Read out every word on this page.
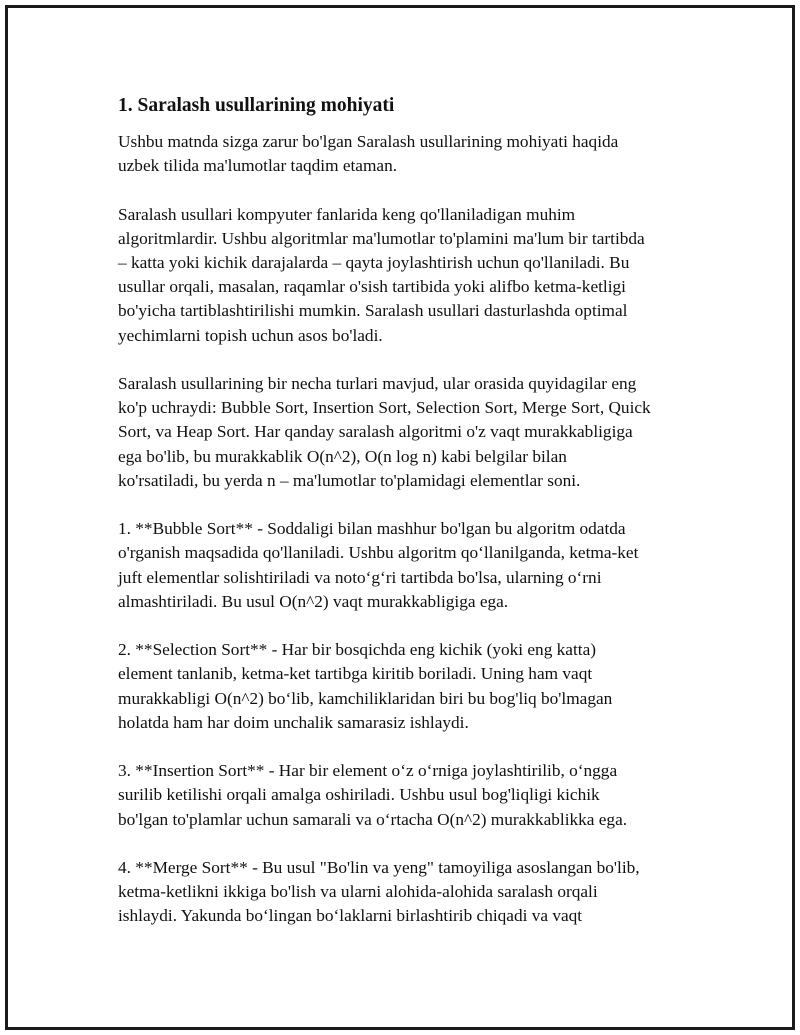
1. Saralash usullarining mohiyati
Ushbu matnda sizga zarur bo'lgan Saralash usullarining mohiyati haqida
uzbek tilida ma'lumotlar taqdim etaman.
Saralash usullari kompyuter fanlarida keng qo'llaniladigan muhim
algoritmlardir. Ushbu algoritmlar ma'lumotlar to'plamini ma'lum bir tartibda
– katta yoki kichik darajalarda – qayta joylashtirish uchun qo'llaniladi. Bu
usullar orqali, masalan, raqamlar o'sish tartibida yoki alifbo ketma-ketligi
bo'yicha tartiblashtirilishi mumkin. Saralash usullari dasturlashda optimal
yechimlarni topish uchun asos bo'ladi.
Saralash usullarining bir necha turlari mavjud, ular orasida quyidagilar eng
ko'p uchraydi: Bubble Sort, Insertion Sort, Selection Sort, Merge Sort, Quick
Sort, va Heap Sort. Har qanday saralash algoritmi o'z vaqt murakkabligiga
ega bo'lib, bu murakkablik O(n^2), O(n log n) kabi belgilar bilan
ko'rsatiladi, bu yerda n – ma'lumotlar to'plamidagi elementlar soni.
1. **Bubble Sort** - Soddaligi bilan mashhur bo'lgan bu algoritm odatda
o'rganish maqsadida qo'llaniladi. Ushbu algoritm qo‘llanilganda, ketma-ket
juft elementlar solishtiriladi va noto‘g‘ri tartibda bo'lsa, ularning o‘rni
almashtiriladi. Bu usul O(n^2) vaqt murakkabligiga ega.
2. **Selection Sort** - Har bir bosqichda eng kichik (yoki eng katta)
element tanlanib, ketma-ket tartibga kiritib boriladi. Uning ham vaqt
murakkabligi O(n^2) bo‘lib, kamchiliklaridan biri bu bog'liq bo'lmagan
holatda ham har doim unchalik samarasiz ishlaydi.
3. **Insertion Sort** - Har bir element o‘z o‘rniga joylashtirilib, o‘ngga
surilib ketilishi orqali amalga oshiriladi. Ushbu usul bog'liqligi kichik
bo'lgan to'plamlar uchun samarali va o‘rtacha O(n^2) murakkablikka ega.
4. **Merge Sort** - Bu usul "Bo'lin va yeng" tamoyiliga asoslangan bo'lib,
ketma-ketlikni ikkiga bo'lish va ularni alohida-alohida saralash orqali
ishlaydi. Yakunda bo‘lingan bo‘laklarni birlashtirib chiqadi va vaqt
